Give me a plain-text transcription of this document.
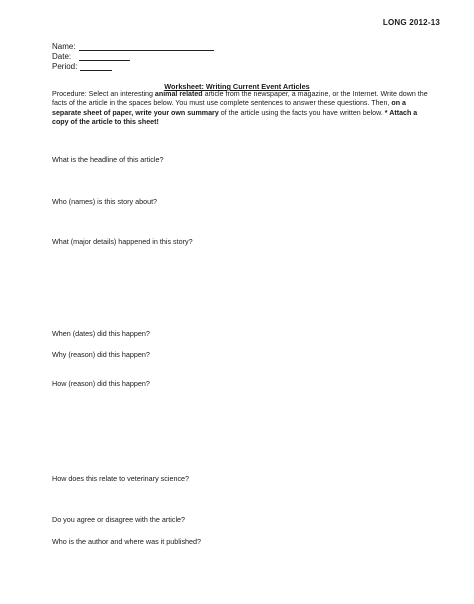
LONG 2012-13
Name:
Date:
Period:
Worksheet: Writing Current Event Articles
Procedure: Select an interesting animal related article from the newspaper, a magazine, or the Internet. Write down the facts of the article in the spaces below. You must use complete sentences to answer these questions. Then, on a separate sheet of paper, write your own summary of the article using the facts you have written below. * Attach a copy of the article to this sheet!
What is the headline of this article?
Who (names) is this story about?
What (major details) happened in this story?
When (dates) did this happen?
Why (reason) did this happen?
How (reason) did this happen?
How does this relate to veterinary science?
Do you agree or disagree with the article?
Who is the author and where was it published?
